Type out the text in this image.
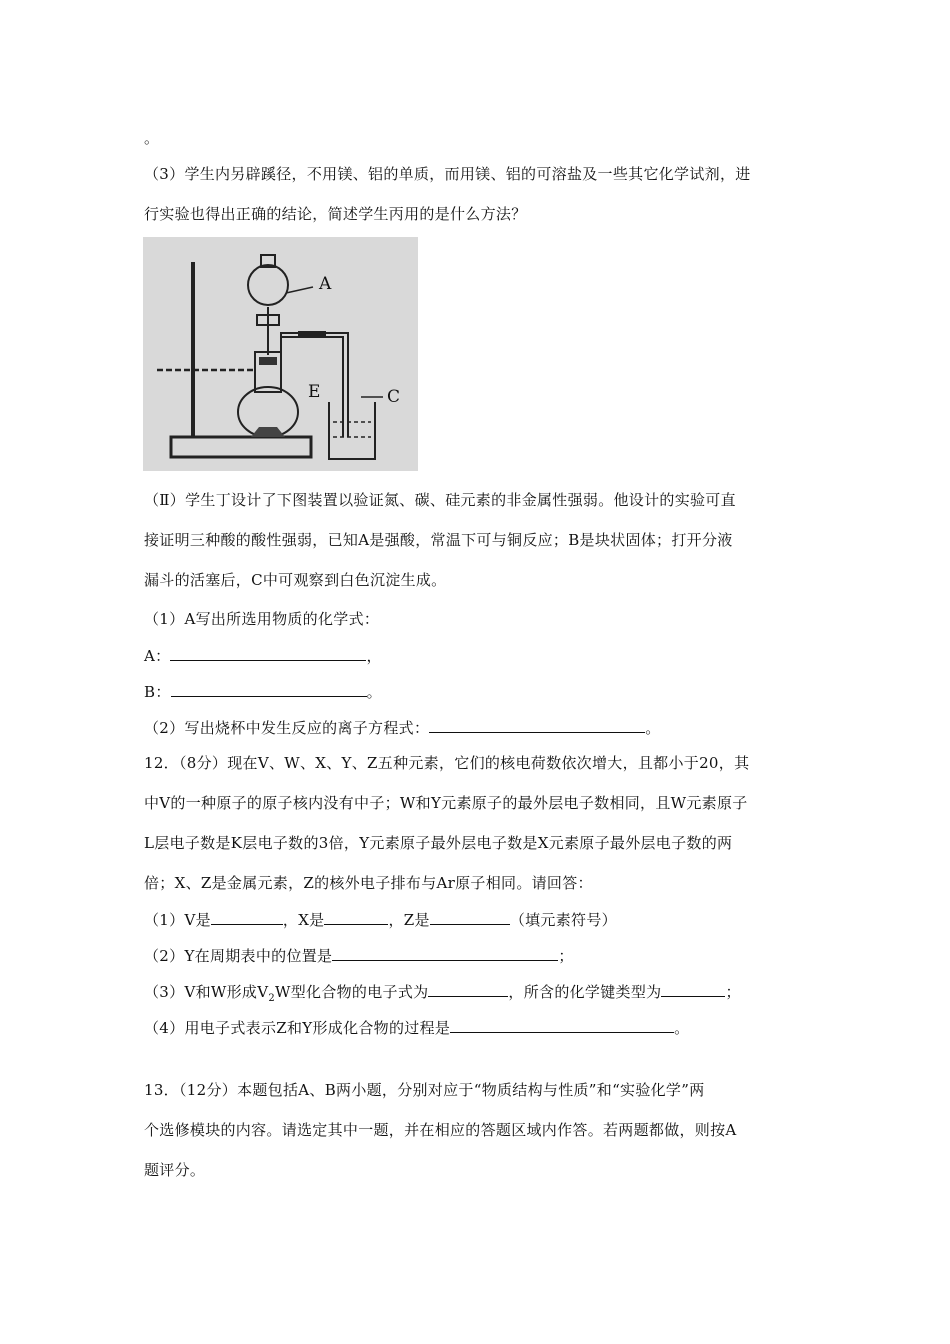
。
（3）学生内另辟蹊径，不用镁、铝的单质，而用镁、铝的可溶盐及一些其它化学试剂，进
行实验也得出正确的结论，简述学生丙用的是什么方法？
A
E	C
（Ⅱ）学生丁设计了下图装置以验证氮、碳、硅元素的非金属性强弱。他设计的实验可直
接证明三种酸的酸性强弱，已知A是强酸，常温下可与铜反应；B是块状固体；打开分液
漏斗的活塞后，C中可观察到白色沉淀生成。
（1）A写出所选用物质的化学式：
A：	，
B：	。
（2）写出烧杯中发生反应的离子方程式：	。
12．（8分）现在V、W、X、Y、Z五种元素，它们的核电荷数依次增大，且都小于20，其
中V的一种原子的原子核内没有中子；W和Y元素原子的最外层电子数相同，且W元素原子
L层电子数是K层电子数的3倍，Y元素原子最外层电子数是X元素原子最外层电子数的两
倍；X、Z是金属元素，Z的核外电子排布与Ar原子相同。请回答：
（1）V是	，X是	，Z是	（填元素符号）
（2）Y在周期表中的位置是	；
（3）V和W形成$V_2W$型化合物的电子式为	，所含的化学键类型为	；
（4）用电子式表示Z和Y形成化合物的过程是	。
13．（12分）本题包括A、B两小题，分别对应于“物质结构与性质”和“实验化学”两
个选修模块的内容。请选定其中一题，并在相应的答题区域内作答。若两题都做，则按A
题评分。
